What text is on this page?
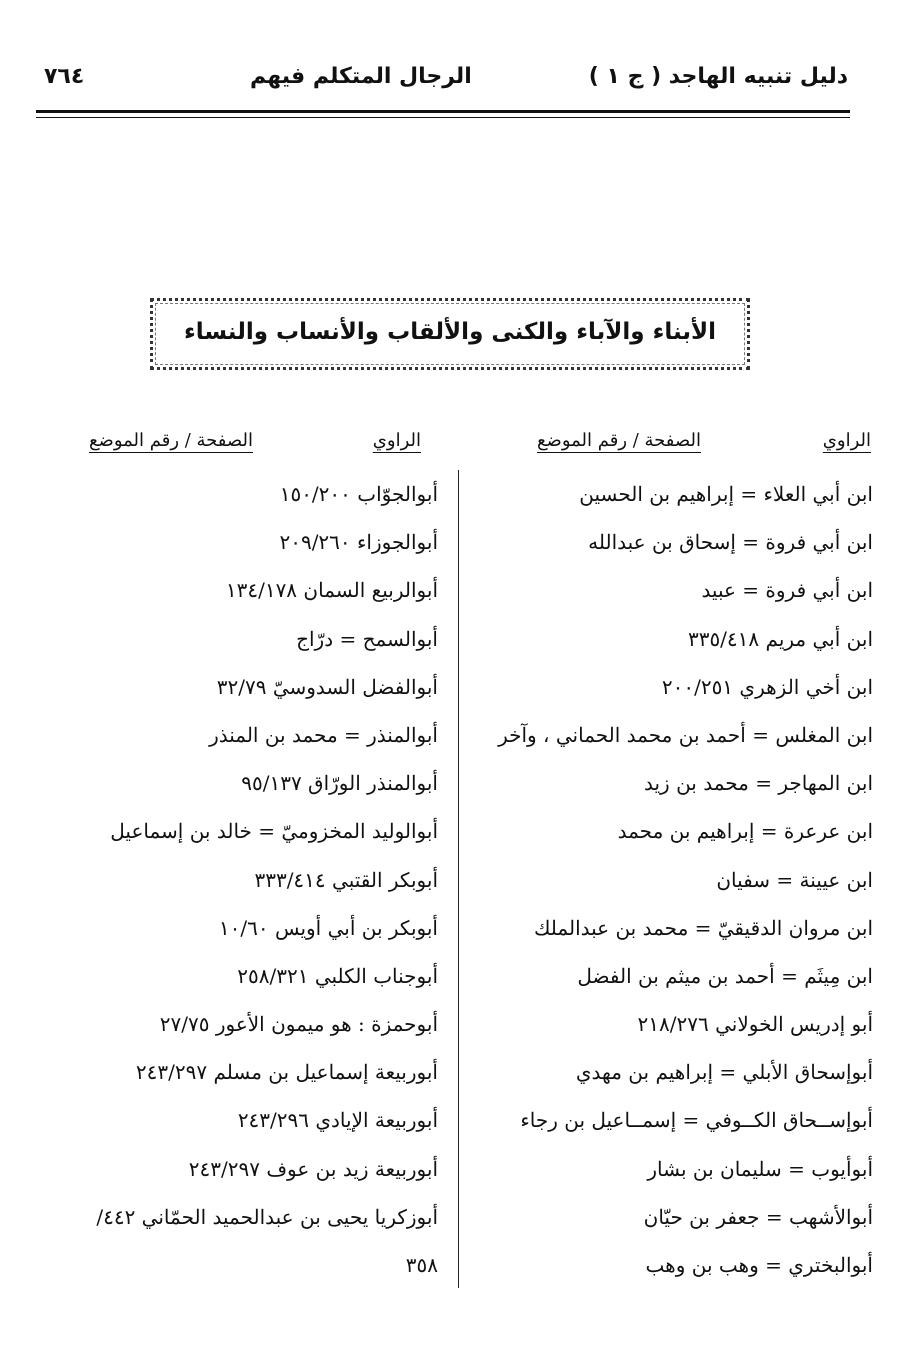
دليل تنبيه الهاجد ( ج ١ )
الرجال المتكلم فيهم
٧٦٤
الأبناء والآباء والكنى والألقاب والأنساب والنساء
الراوي
الصفحة / رقم الموضع
الراوي
الصفحة / رقم الموضع
ابن أبي العلاء = إبراهيم بن الحسين
ابن أبي فروة = إسحاق بن عبدالله
ابن أبي فروة = عبيد
ابن أبي مريم ٣٣٥/٤١٨
ابن أخي الزهري ٢٠٠/٢٥١
ابن المغلس = أحمد بن محمد الحماني ، وآخر
ابن المهاجر = محمد بن زيد
ابن عرعرة = إبراهيم بن محمد
ابن عيينة = سفيان
ابن مروان الدقيقيّ = محمد بن عبدالملك
ابن مِيثَم = أحمد بن ميثم بن الفضل
أبو إدريس الخولاني ٢١٨/٢٧٦
أبوإسحاق الأبلي = إبراهيم بن مهدي
أبوإســحاق الكــوفي = إسمــاعيل بن رجاء
أبوأيوب = سليمان بن بشار
أبوالأشهب = جعفر بن حيّان
أبوالبختري = وهب بن وهب
أبوالجوّاب ١٥٠/٢٠٠
أبوالجوزاء ٢٠٩/٢٦٠
أبوالربيع السمان ١٣٤/١٧٨
أبوالسمح = درّاج
أبوالفضل السدوسيّ ٣٢/٧٩
أبوالمنذر = محمد بن المنذر
أبوالمنذر الورّاق ٩٥/١٣٧
أبوالوليد المخزوميّ = خالد بن إسماعيل
أبوبكر القتبي ٣٣٣/٤١٤
أبوبكر بن أبي أويس ١٠/٦٠
أبوجناب الكلبي ٢٥٨/٣٢١
أبوحمزة : هو ميمون الأعور ٢٧/٧٥
أبوربيعة إسماعيل بن مسلم ٢٤٣/٢٩٧
أبوربيعة الإيادي ٢٤٣/٢٩٦
أبوربيعة زيد بن عوف ٢٤٣/٢٩٧
أبوزكريا يحيى بن عبدالحميد الحمّاني ٤٤٢/
٣٥٨
